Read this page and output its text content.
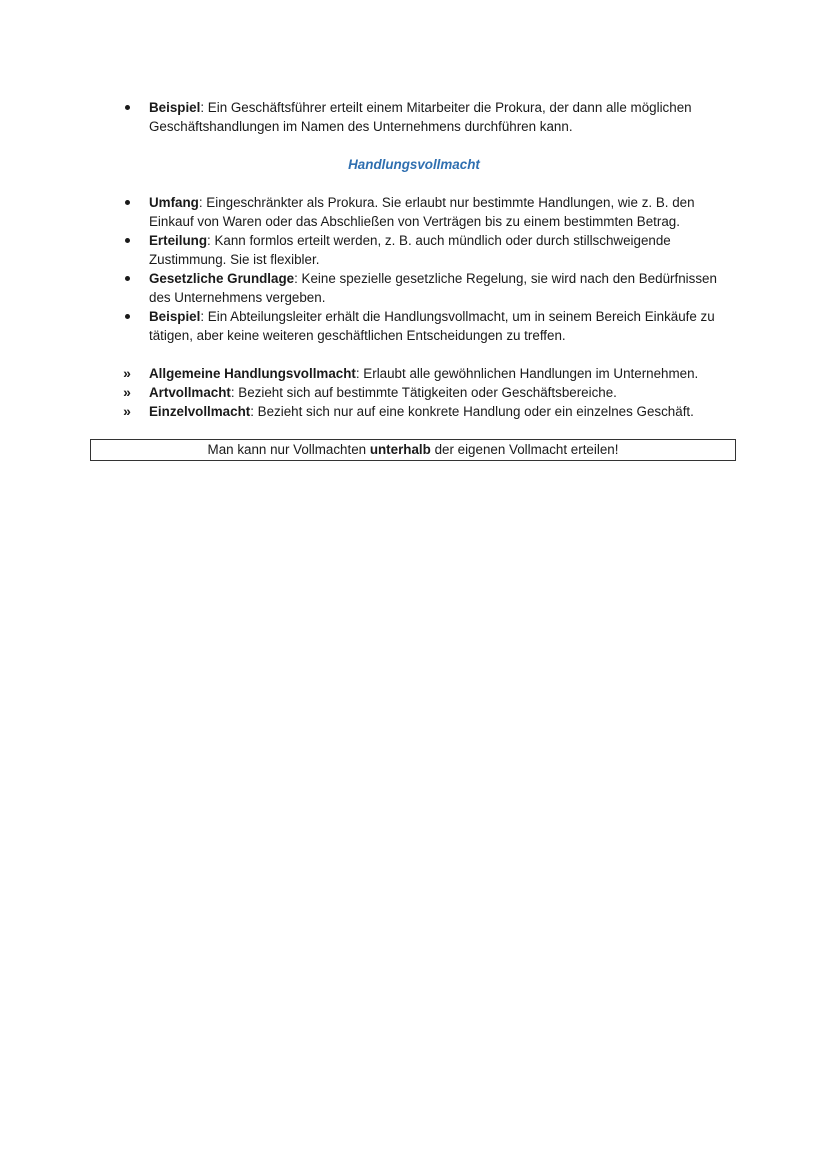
Beispiel: Ein Geschäftsführer erteilt einem Mitarbeiter die Prokura, der dann alle möglichen Geschäftshandlungen im Namen des Unternehmens durchführen kann.
Handlungsvollmacht
Umfang: Eingeschränkter als Prokura. Sie erlaubt nur bestimmte Handlungen, wie z. B. den Einkauf von Waren oder das Abschließen von Verträgen bis zu einem bestimmten Betrag.
Erteilung: Kann formlos erteilt werden, z. B. auch mündlich oder durch stillschweigende Zustimmung. Sie ist flexibler.
Gesetzliche Grundlage: Keine spezielle gesetzliche Regelung, sie wird nach den Bedürfnissen des Unternehmens vergeben.
Beispiel: Ein Abteilungsleiter erhält die Handlungsvollmacht, um in seinem Bereich Einkäufe zu tätigen, aber keine weiteren geschäftlichen Entscheidungen zu treffen.
» Allgemeine Handlungsvollmacht: Erlaubt alle gewöhnlichen Handlungen im Unternehmen.
» Artvollmacht: Bezieht sich auf bestimmte Tätigkeiten oder Geschäftsbereiche.
» Einzelvollmacht: Bezieht sich nur auf eine konkrete Handlung oder ein einzelnes Geschäft.
Man kann nur Vollmachten unterhalb der eigenen Vollmacht erteilen!
